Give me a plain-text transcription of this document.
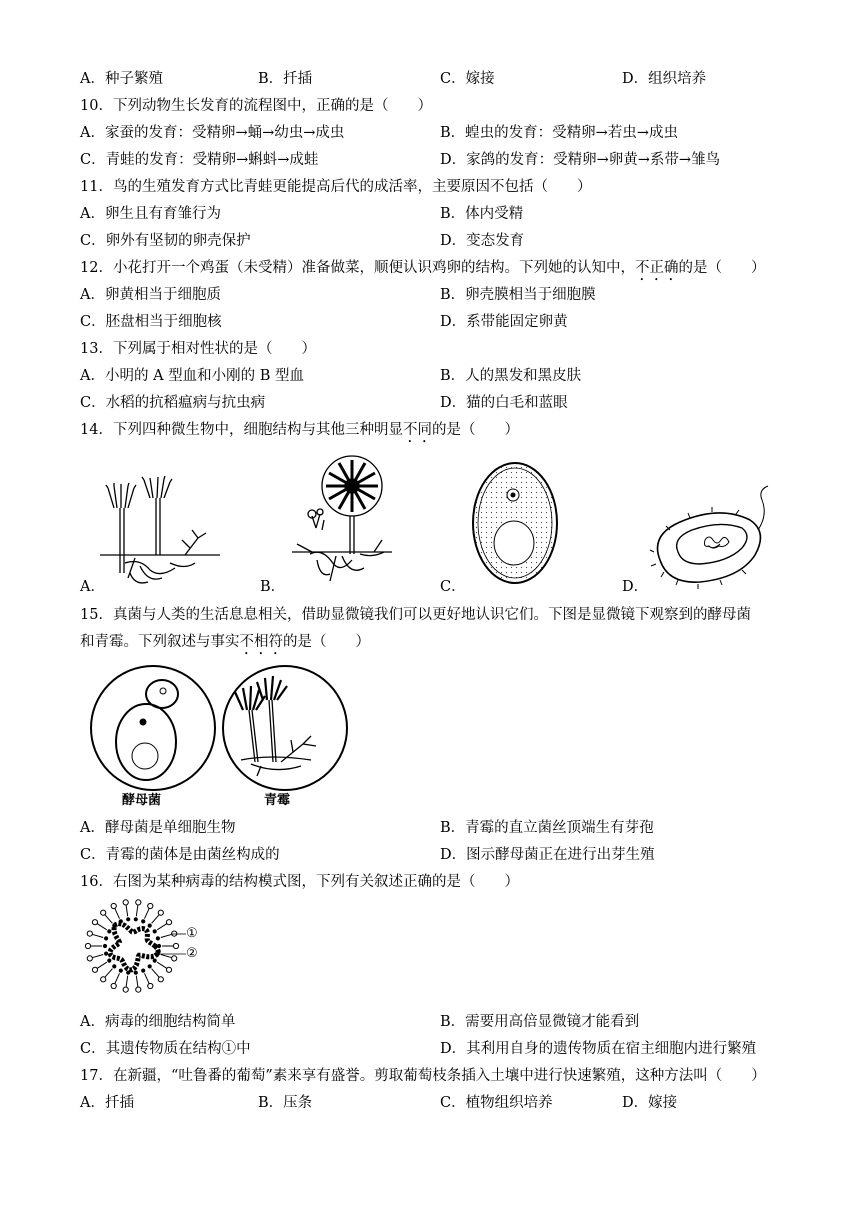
A．种子繁殖	B．扦插	C．嫁接	D．组织培养
10．下列动物生长发育的流程图中，正确的是（　　）
A．家蚕的发育：受精卵→蛹→幼虫→成虫	B．蝗虫的发育：受精卵→若虫→成虫
C．青蛙的发育：受精卵→蝌蚪→成蛙	D．家鸽的发育：受精卵→卵黄→系带→雏鸟
11．鸟的生殖发育方式比青蛙更能提高后代的成活率，主要原因不包括（　　）
A．卵生且有育雏行为	B．体内受精
C．卵外有坚韧的卵壳保护	D．变态发育
12．小花打开一个鸡蛋（未受精）准备做菜，顺便认识鸡卵的结构。下列她的认知中，不正确的是（　　）
A．卵黄相当于细胞质	B．卵壳膜相当于细胞膜
C．胚盘相当于细胞核	D．系带能固定卵黄
13．下列属于相对性状的是（　　）
A．小明的 A 型血和小刚的 B 型血	B．人的黑发和黑皮肤
C．水稻的抗稻瘟病与抗虫病	D．猫的白毛和蓝眼
14．下列四种微生物中，细胞结构与其他三种明显不同的是（　　）
A．	B．	C．	D．
15．真菌与人类的生活息息相关，借助显微镜我们可以更好地认识它们。下图是显微镜下观察到的酵母菌
和青霉。下列叙述与事实不相符的是（　　）
酵母菌	青霉
A．酵母菌是单细胞生物	B．青霉的直立菌丝顶端生有芽孢
C．青霉的菌体是由菌丝构成的	D．图示酵母菌正在进行出芽生殖
16．右图为某种病毒的结构模式图，下列有关叙述正确的是（　　）
①
②
A．病毒的细胞结构简单	B．需要用高倍显微镜才能看到
C．其遗传物质在结构①中	D．其利用自身的遗传物质在宿主细胞内进行繁殖
17．在新疆，“吐鲁番的葡萄”素来享有盛誉。剪取葡萄枝条插入土壤中进行快速繁殖，这种方法叫（　　）
A．扦插	B．压条	C．植物组织培养	D．嫁接
